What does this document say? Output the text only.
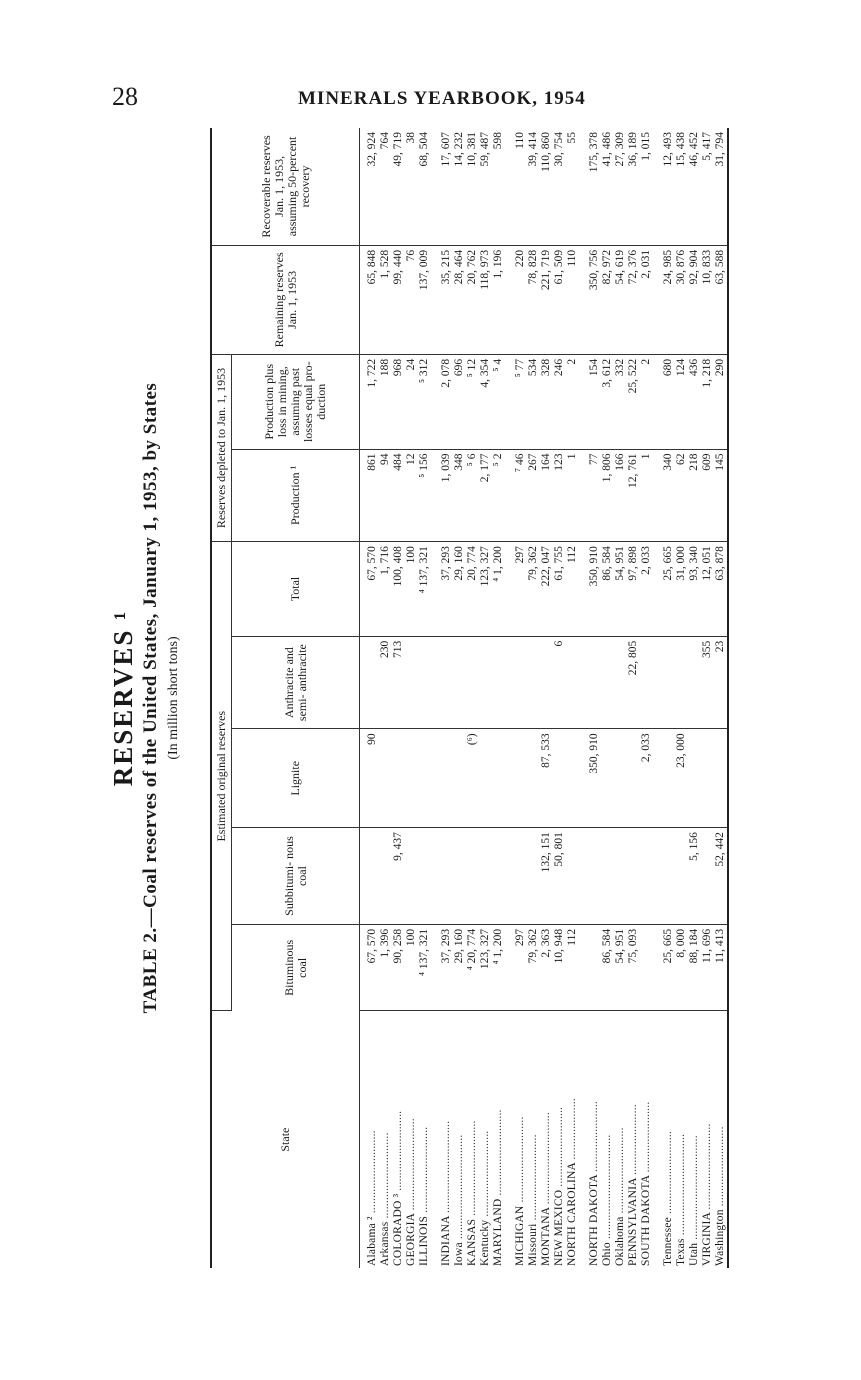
28	MINERALS YEARBOOK, 1954
RESERVES ¹ TABLE 2.—Coal reserves of the United States, January 1, 1953, by States (In million short tons)
State	Estimated original reserves					Reserves depleted to Jan. 1, 1953		Remaining reserves Jan. 1, 1953	Recoverable reserves Jan. 1, 1953, assuming 50-percent recovery
	Bituminous coal	Subbitumi- nous coal	Lignite	Anthracite and semi- anthracite	Total	Production ¹	Production plus loss in mining, assuming past losses equal pro- duction		
Alabama ² ...........................	67, 570		90		67, 570	861	1, 722	65, 848	32, 924
Arkansas ............................	1, 396			230	1, 716	94	188	1, 528	764
COLORADO ³ ..........................	90, 258	9, 437		713	100, 408	484	968	99, 440	49, 719
GEORGIA ..............................	100				100	12	24	76	38
ILLINOIS ............................	⁴ 137, 321				⁴ 137, 321	⁵ 156	⁵ 312	137, 009	68, 504
INDIANA ..............................	37, 293				37, 293	1, 039	2, 078	35, 215	17, 607
Iowa ..................................	29, 160				29, 160	348	696	28, 464	14, 232
KANSAS ...............................	⁴ 20, 774		(⁶)		20, 774	⁵ 6	⁵ 12	20, 762	10, 381
Kentucky ............................	123, 327				123, 327	2, 177	4, 354	118, 973	59, 487
MARYLAND ............................	⁴ 1, 200				⁴ 1, 200	⁵ 2	⁵ 4	1, 196	598
MICHIGAN ............................	297				297	⁷ 46	⁵ 77	220	110
Missouri ............................	79, 362				79, 362	267	534	78, 828	39, 414
MONTANA ..............................	2, 363	132, 151	87, 533		222, 047	164	328	221, 719	110, 860
NEW MEXICO ..........................	10, 948	50, 801		6	61, 755	123	246	61, 509	30, 754
NORTH CAROLINA ....................	112				112	1	2	110	55
NORTH DAKOTA .......................			350, 910		350, 910	77	154	350, 756	175, 378
Ohio ..................................	86, 584				86, 584	1, 806	3, 612	82, 972	41, 486
Oklahoma ............................	54, 951				54, 951	166	332	54, 619	27, 309
PENNSYLVANIA .......................	75, 093			22, 805	97, 898	12, 761	25, 522	72, 376	36, 189
SOUTH DAKOTA .......................			2, 033		2, 033	1	2	2, 031	1, 015
Tennessee ...........................	25, 665				25, 665	340	680	24, 985	12, 493
Texas .................................	8, 000		23, 000		31, 000	62	124	30, 876	15, 438
Utah ..................................	88, 184	5, 156			93, 340	218	436	92, 904	46, 452
VIRGINIA ............................	11, 696			355	12, 051	609	1, 218	10, 833	5, 417
Washington ..........................	11, 413	52, 442		23	63, 878	145	290	63, 588	31, 794
